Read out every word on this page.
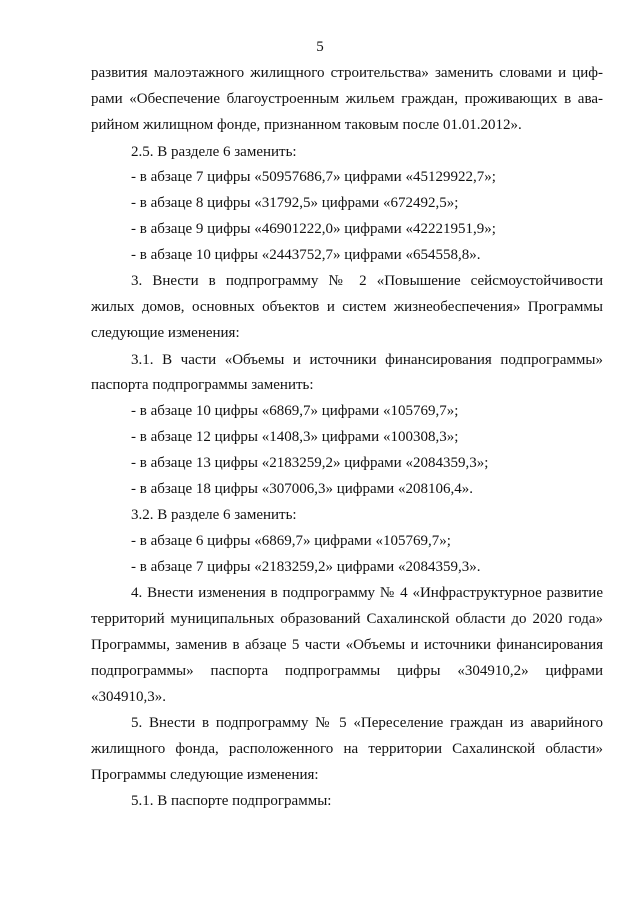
5
развития малоэтажного жилищного строительства» заменить словами и циф-
рами «Обеспечение благоустроенным жильем граждан, проживающих в ава-
рийном жилищном фонде, признанном таковым после 01.01.2012».
2.5. В разделе 6 заменить:
- в абзаце 7 цифры «50957686,7» цифрами «45129922,7»;
- в абзаце 8 цифры «31792,5» цифрами «672492,5»;
- в абзаце 9 цифры «46901222,0» цифрами «42221951,9»;
- в абзаце 10 цифры «2443752,7» цифрами «654558,8».
3. Внести в подпрограмму № 2 «Повышение сейсмоустойчивости
жилых домов, основных объектов и систем жизнеобеспечения» Программы
следующие изменения:
3.1. В части «Объемы и источники финансирования подпрограммы»
паспорта подпрограммы заменить:
- в абзаце 10 цифры «6869,7» цифрами «105769,7»;
- в абзаце 12 цифры «1408,3» цифрами «100308,3»;
- в абзаце 13 цифры «2183259,2» цифрами «2084359,3»;
- в абзаце 18 цифры «307006,3» цифрами «208106,4».
3.2. В разделе 6 заменить:
- в абзаце 6 цифры «6869,7» цифрами «105769,7»;
- в абзаце 7 цифры «2183259,2» цифрами «2084359,3».
4. Внести изменения в подпрограмму № 4 «Инфраструктурное развитие
территорий муниципальных образований Сахалинской области до 2020 года»
Программы, заменив в абзаце 5 части «Объемы и источники финансирования
подпрограммы» паспорта подпрограммы цифры «304910,2» цифрами
«304910,3».
5. Внести в подпрограмму № 5 «Переселение граждан из аварийного
жилищного фонда, расположенного на территории Сахалинской области»
Программы следующие изменения:
5.1. В паспорте подпрограммы:
